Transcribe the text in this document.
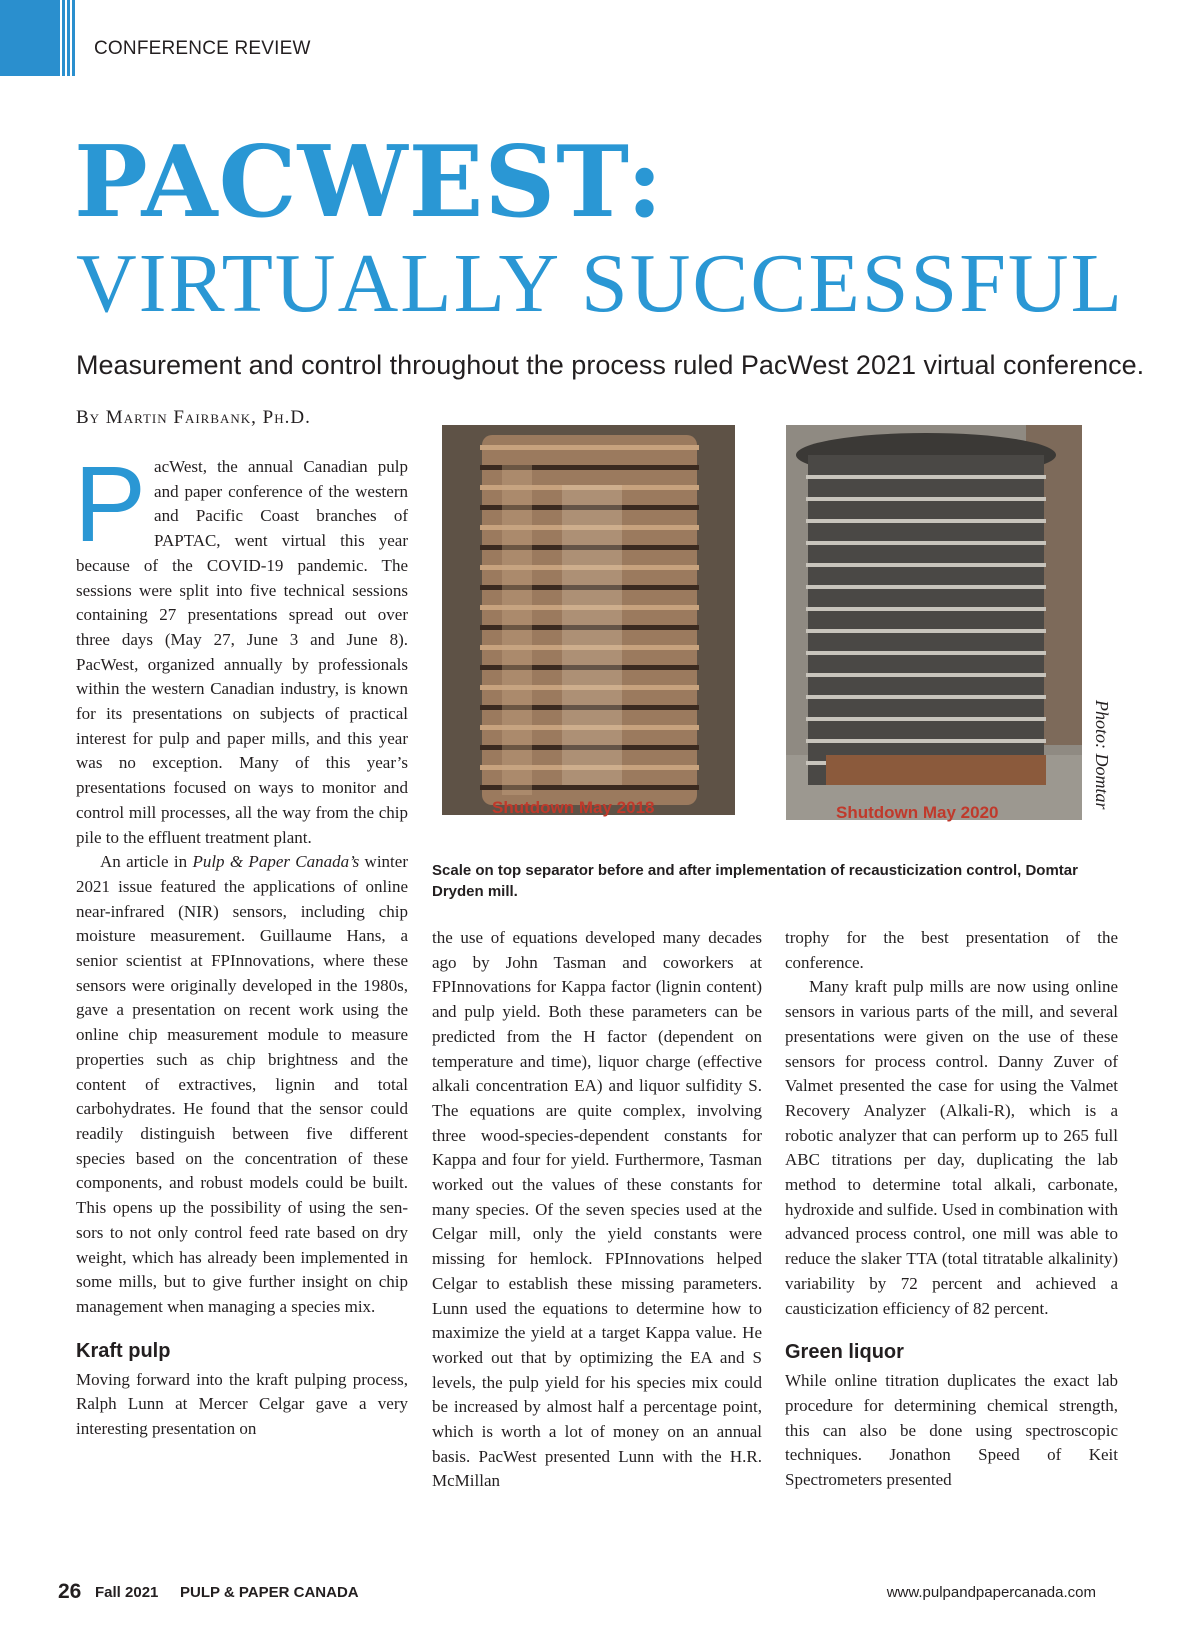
CONFERENCE REVIEW
PACWEST:
VIRTUALLY SUCCESSFUL
Measurement and control throughout the process ruled PacWest 2021 virtual conference.
By Martin Fairbank, Ph.D.

PacWest, the annual Canadian pulp and paper conference of the western and Pacific Coast branches of PAPTAC, went virtual this year because of the COVID-19 pandemic. The sessions were split into five technical sessions containing 27 presentations spread out over three days (May 27, June 3 and June 8). PacWest, organized annually by professionals within the western Canadian industry, is known for its presentations on subjects of practical interest for pulp and paper mills, and this year was no exception. Many of this year’s presentations focused on ways to monitor and control mill processes, all the way from the chip pile to the effluent treatment plant.

An article in Pulp & Paper Canada’s winter 2021 issue featured the applications of online near-infrared (NIR) sensors, including chip moisture measurement. Guillaume Hans, a senior scientist at FPInnovations, where these sensors were originally developed in the 1980s, gave a presentation on recent work using the online chip measurement module to measure properties such as chip brightness and the content of extractives, lignin and total carbohydrates. He found that the sensor could readily distinguish between five different species based on the concentration of these components, and robust models could be built. This opens up the possibility of using the sensors to not only control feed rate based on dry weight, which has already been implemented in some mills, but to give further insight on chip management when managing a species mix.

Kraft pulp

Moving forward into the kraft pulping process, Ralph Lunn at Mercer Celgar gave a very interesting presentation on

Shutdown May 2018	Shutdown May 2020
Photo: Domtar
Scale on top separator before and after implementation of recausticization control, Domtar Dryden mill.

the use of equations developed many decades ago by John Tasman and coworkers at FPInnovations for Kappa factor (lignin content) and pulp yield. Both these parameters can be predicted from the H factor (dependent on temperature and time), liquor charge (effective alkali concentration EA) and liquor sulfidity S. The equations are quite complex, involving three wood-species-dependent constants for Kappa and four for yield. Furthermore, Tasman worked out the values of these constants for many species. Of the seven species used at the Celgar mill, only the yield constants were missing for hemlock. FPInnovations helped Celgar to establish these missing parameters. Lunn used the equations to determine how to maximize the yield at a target Kappa value. He worked out that by optimizing the EA and S levels, the pulp yield for his species mix could be increased by almost half a percentage point, which is worth a lot of money on an annual basis. PacWest presented Lunn with the H.R. McMillan

trophy for the best presentation of the conference.

Many kraft pulp mills are now using online sensors in various parts of the mill, and several presentations were given on the use of these sensors for process control. Danny Zuver of Valmet presented the case for using the Valmet Recovery Analyzer (Alkali-R), which is a robotic analyzer that can perform up to 265 full ABC titrations per day, duplicating the lab method to determine total alkali, carbonate, hydroxide and sulfide. Used in combination with advanced process control, one mill was able to reduce the slaker TTA (total titratable alkalinity) variability by 72 percent and achieved a causticization efficiency of 82 percent.

Green liquor

While online titration duplicates the exact lab procedure for determining chemical strength, this can also be done using spectroscopic techniques. Jonathon Speed of Keit Spectrometers presented

26 Fall 2021 PULP & PAPER CANADA	www.pulpandpapercanada.com
